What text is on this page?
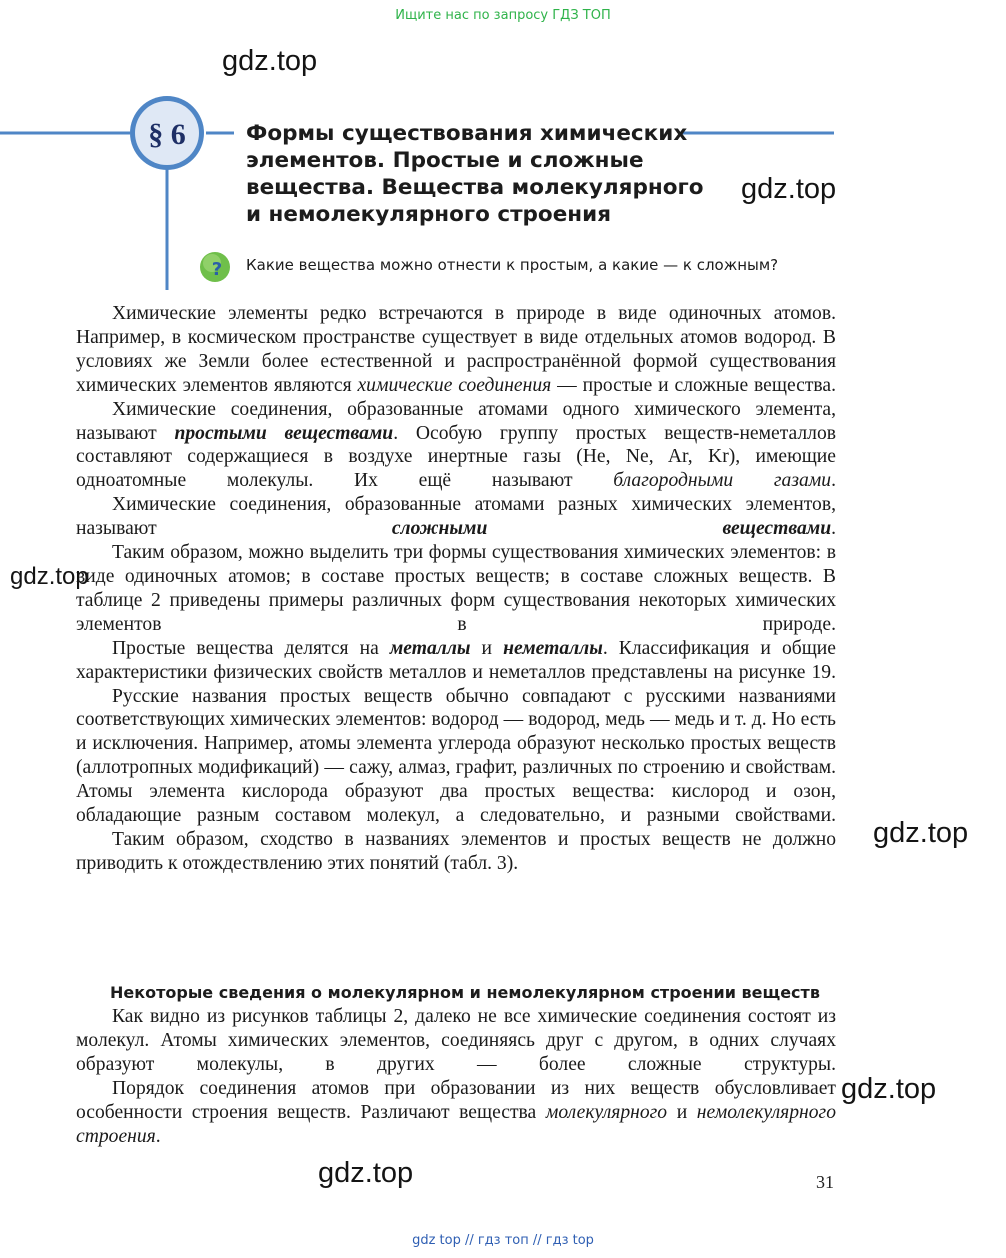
Ищите нас по запросу ГДЗ ТОП
gdz top // гдз топ // гдз top
§ 6
?
Формы существования химических
элементов. Простые и сложные
вещества. Вещества молекулярного
и немолекулярного строения
Какие вещества можно отнести к простым, а какие — к сложным?

Химические элементы редко встречаются в природе в виде одиночных атомов. Например, в космическом пространстве существует в виде отдельных атомов водород. В условиях же Земли более естественной и распространённой формой существования химических элементов являются химические соединения — простые и сложные вещества.

Химические соединения, образованные атомами одного химического элемента, называют простыми веществами. Особую группу простых веществ-неметаллов составляют содержащиеся в воздухе инертные газы (He, Ne, Ar, Kr), имеющие одноатомные молекулы. Их ещё называют благородными газами.

Химические соединения, образованные атомами разных химических элементов, называют сложными веществами.

Таким образом, можно выделить три формы существования химических элементов: в виде одиночных атомов; в составе простых веществ; в составе сложных веществ. В таблице 2 приведены примеры различных форм существования некоторых химических элементов в природе.

Простые вещества делятся на металлы и неметаллы. Классификация и общие характеристики физических свойств металлов и неметаллов представлены на рисунке 19.

Русские названия простых веществ обычно совпадают с русскими названиями соответствующих химических элементов: водород — водород, медь — медь и т. д. Но есть и исключения. Например, атомы элемента углерода образуют несколько простых веществ (аллотропных модификаций) — сажу, алмаз, графит, различных по строению и свойствам. Атомы элемента кислорода образуют два простых вещества: кислород и озон, обладающие разным составом молекул, а следовательно, и разными свойствами.

Таким образом, сходство в названиях элементов и простых веществ не должно приводить к отождествлению этих понятий (табл. 3).

Некоторые сведения о молекулярном и немолекулярном строении веществ

Как видно из рисунков таблицы 2, далеко не все химические соединения состоят из молекул. Атомы химических элементов, соединяясь друг с другом, в одних случаях образуют молекулы, в других — более сложные структуры.

Порядок соединения атомов при образовании из них веществ обусловливает особенности строения веществ. Различают вещества молекулярного и немолекулярного строения.

31
gdz.top
gdz.top
gdz.top
gdz.top
gdz.top
gdz.top
